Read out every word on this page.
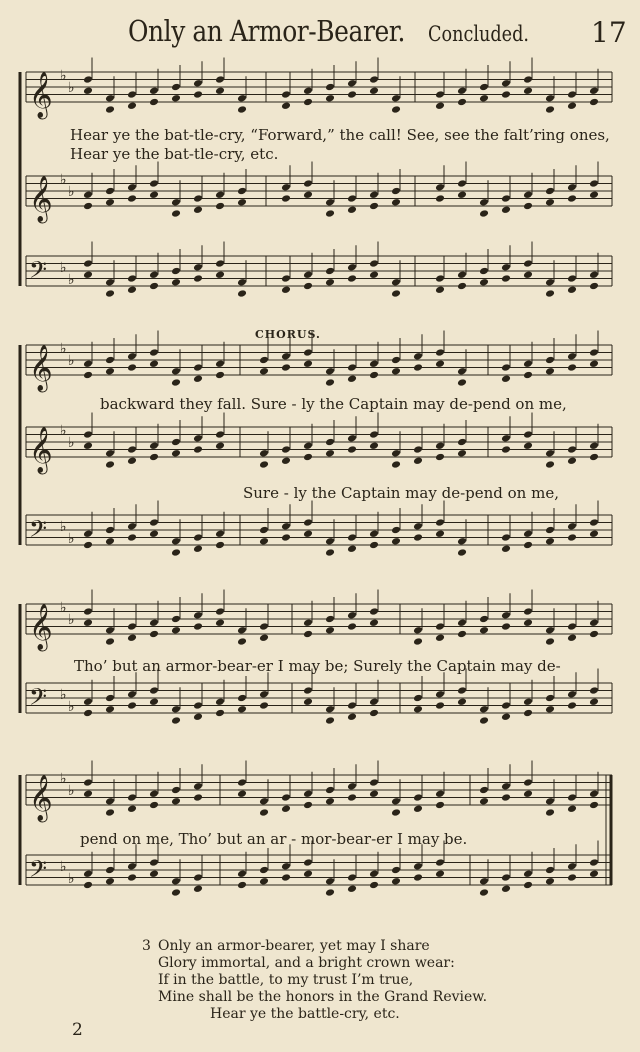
Only an Armor-Bearer. Concluded. 17
𝄞 ♭
♭
𝄞 ♭
♭
𝄢 ♭
♭
𝄞 ♭
♭
𝄞 ♭
♭
𝄢 ♭
♭
𝄞 ♭
♭
𝄢 ♭
♭
𝄞 ♭
♭
𝄢 ♭
♭
Hear ye the bat-tle-cry, “Forward,” the call! See, see the falt’ring ones,
Hear ye the bat-tle-cry, etc.
CHORUS.
backward they fall. Sure - ly the Captain may de-pend on me,
Sure - ly the Captain may de-pend on me,
Tho’ but an armor-bear-er I may be; Surely the Captain may de-
pend on me, Tho’ but an ar - mor-bear-er I may be.
3 Only an armor-bearer, yet may I share
Glory immortal, and a bright crown wear:
If in the battle, to my trust I’m true,
Mine shall be the honors in the Grand Review.
Hear ye the battle-cry, etc.
2
